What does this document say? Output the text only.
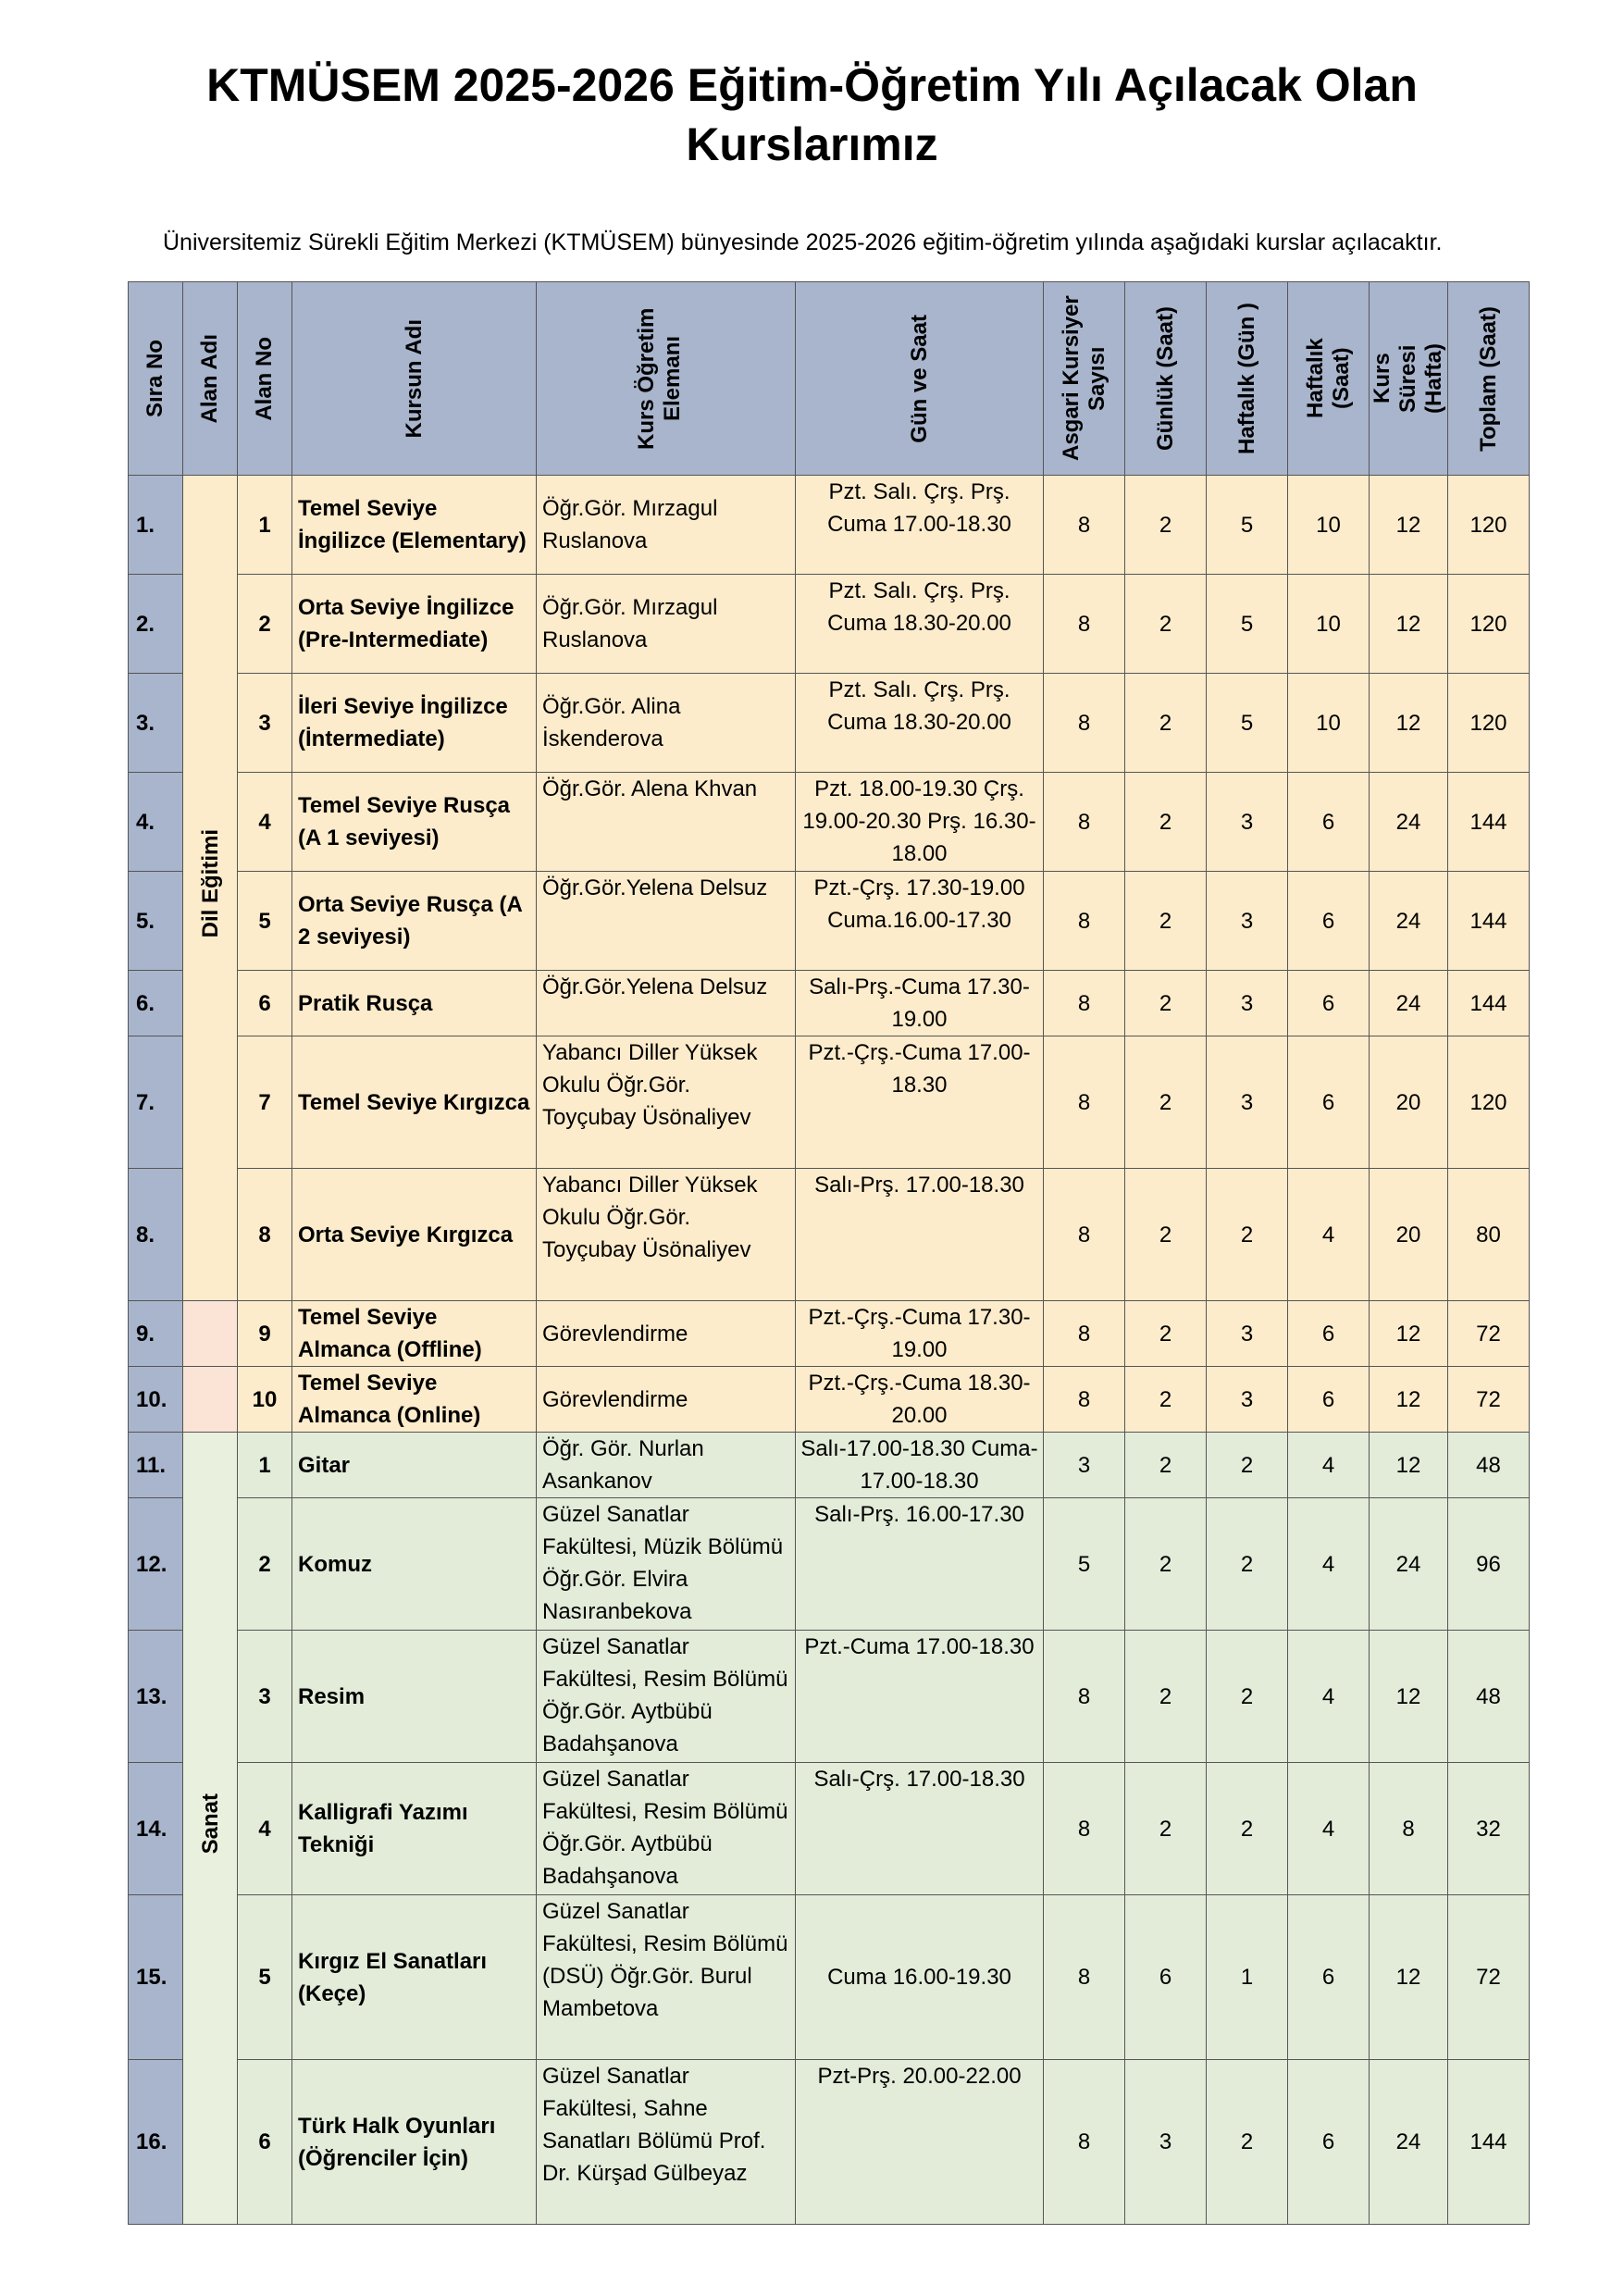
KTMÜSEM 2025-2026 Eğitim-Öğretim Yılı Açılacak Olan
Kurslarımız
Üniversitemiz Sürekli Eğitim Merkezi (KTMÜSEM) bünyesinde 2025-2026 eğitim-öğretim yılında aşağıdaki kurslar açılacaktır.
Sıra No	Alan Adı	Alan No	Kursun Adı	Kurs Öğretim Elemanı	Gün ve Saat	Asgari Kursiyer Sayısı	Günlük (Saat)	Haftalık (Gün )	Haftalık (Saat)	Kurs Süresi (Hafta)	Toplam (Saat)

1.	Dil Eğitimi	1	Temel Seviye İngilizce (Elementary)	Öğr.Gör. Mırzagul Ruslanova	Pzt. Salı. Çrş. Prş. Cuma 17.00-18.30	8	2	5	10	12	120
2.		2	Orta Seviye İngilizce (Pre-Intermediate)	Öğr.Gör. Mırzagul Ruslanova	Pzt. Salı. Çrş. Prş. Cuma 18.30-20.00	8	2	5	10	12	120
3.		3	İleri Seviye İngilizce (İntermediate)	Öğr.Gör. Alina İskenderova	Pzt. Salı. Çrş. Prş. Cuma 18.30-20.00	8	2	5	10	12	120
4.		4	Temel Seviye Rusça (A 1 seviyesi)	Öğr.Gör. Alena Khvan	Pzt. 18.00-19.30 Çrş. 19.00-20.30 Prş. 16.30-18.00	8	2	3	6	24	144
5.		5	Orta Seviye Rusça (A 2 seviyesi)	Öğr.Gör.Yelena Delsuz	Pzt.-Çrş. 17.30-19.00 Cuma.16.00-17.30	8	2	3	6	24	144
6.		6	Pratik Rusça	Öğr.Gör.Yelena Delsuz	Salı-Prş.-Cuma 17.30-19.00	8	2	3	6	24	144
7.		7	Temel Seviye Kırgızca	Yabancı Diller Yüksek Okulu Öğr.Gör. Toyçubay Üsönaliyev	Pzt.-Çrş.-Cuma 17.00-18.30	8	2	3	6	20	120
8.		8	Orta Seviye Kırgızca	Yabancı Diller Yüksek Okulu Öğr.Gör. Toyçubay Üsönaliyev	Salı-Prş. 17.00-18.30	8	2	2	4	20	80
9.		9	Temel Seviye Almanca (Offline)	Görevlendirme	Pzt.-Çrş.-Cuma 17.30-19.00	8	2	3	6	12	72
10.		10	Temel Seviye Almanca (Online)	Görevlendirme	Pzt.-Çrş.-Cuma 18.30-20.00	8	2	3	6	12	72
11.	Sanat	1	Gitar	Öğr. Gör. Nurlan Asankanov	Salı-17.00-18.30 Cuma-17.00-18.30	3	2	2	4	12	48
12.		2	Komuz	Güzel Sanatlar Fakültesi, Müzik Bölümü Öğr.Gör. Elvira Nasıranbekova	Salı-Prş. 16.00-17.30	5	2	2	4	24	96
13.		3	Resim	Güzel Sanatlar Fakültesi, Resim Bölümü Öğr.Gör. Aytbübü Badahşanova	Pzt.-Cuma 17.00-18.30	8	2	2	4	12	48
14.		4	Kalligrafi Yazımı Tekniği	Güzel Sanatlar Fakültesi, Resim Bölümü Öğr.Gör. Aytbübü Badahşanova	Salı-Çrş. 17.00-18.30	8	2	2	4	8	32
15.		5	Kırgız El Sanatları (Keçe)	Güzel Sanatlar Fakültesi, Resim Bölümü (DSÜ) Öğr.Gör. Burul Mambetova	Cuma 16.00-19.30	8	6	1	6	12	72
16.		6	Türk Halk Oyunları (Öğrenciler İçin)	Güzel Sanatlar Fakültesi, Sahne Sanatları Bölümü Prof. Dr. Kürşad Gülbeyaz	Pzt-Prş. 20.00-22.00	8	3	2	6	24	144
